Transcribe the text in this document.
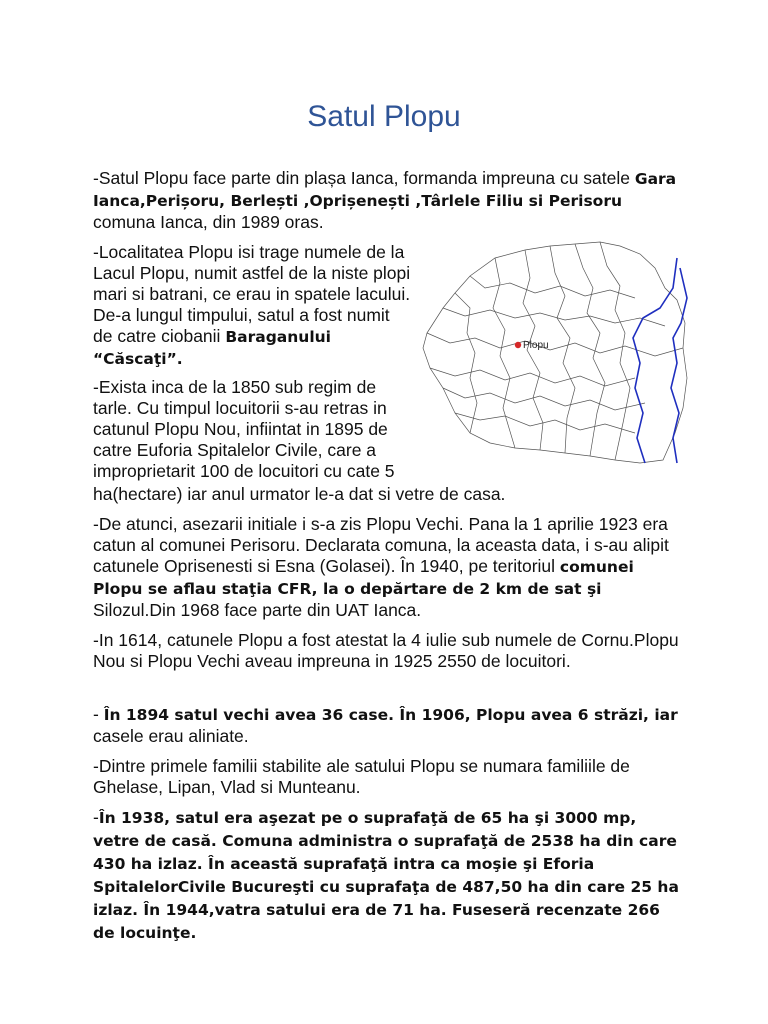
Satul Plopu

-Satul Plopu face parte din plașa Ianca, formanda impreuna cu satele Gara Ianca,Perișoru, Berlești ,Oprișenești ,Târlele Filiu si Perisoru comuna Ianca, din 1989 oras.

-Localitatea Plopu isi trage numele de la Lacul Plopu, numit astfel de la niste plopi mari si batrani, ce erau in spatele lacului. De-a lungul timpului, satul a fost numit de catre ciobanii Baraganului “Căscaţi”.

Plopu

-Exista inca de la 1850 sub regim de tarle. Cu timpul locuitorii s-au retras in catunul Plopu Nou, infiintat in 1895 de catre Euforia Spitalelor Civile, care a improprietarit 100 de locuitori cu cate 5

ha(hectare) iar anul urmator le-a dat si vetre de casa.

-De atunci, asezarii initiale i s-a zis Plopu Vechi. Pana la 1 aprilie 1923 era catun al comunei Perisoru. Declarata comuna, la aceasta data, i s-au alipit catunele Oprisenesti si Esna (Golasei). În 1940, pe teritoriul comunei Plopu se aflau staţia CFR, la o depărtare de 2 km de sat şi Silozul.Din 1968 face parte din UAT Ianca.

-In 1614, catunele Plopu a fost atestat la 4 iulie sub numele de Cornu.Plopu Nou si Plopu Vechi aveau impreuna in 1925 2550 de locuitori.

- În 1894 satul vechi avea 36 case. În 1906, Plopu avea 6 străzi, iar casele erau aliniate.

-Dintre primele familii stabilite ale satului Plopu se numara familiile de Ghelase, Lipan, Vlad si Munteanu.

-În 1938, satul era aşezat pe o suprafaţă de 65 ha şi 3000 mp, vetre de casă. Comuna administra o suprafaţă de 2538 ha din care 430 ha izlaz. În această suprafaţă intra ca moşie şi Eforia SpitalelorCivile Bucureşti cu suprafaţa de 487,50 ha din care 25 ha izlaz. În 1944,vatra satului era de 71 ha. Fuseseră recenzate 266 de locuinţe.
